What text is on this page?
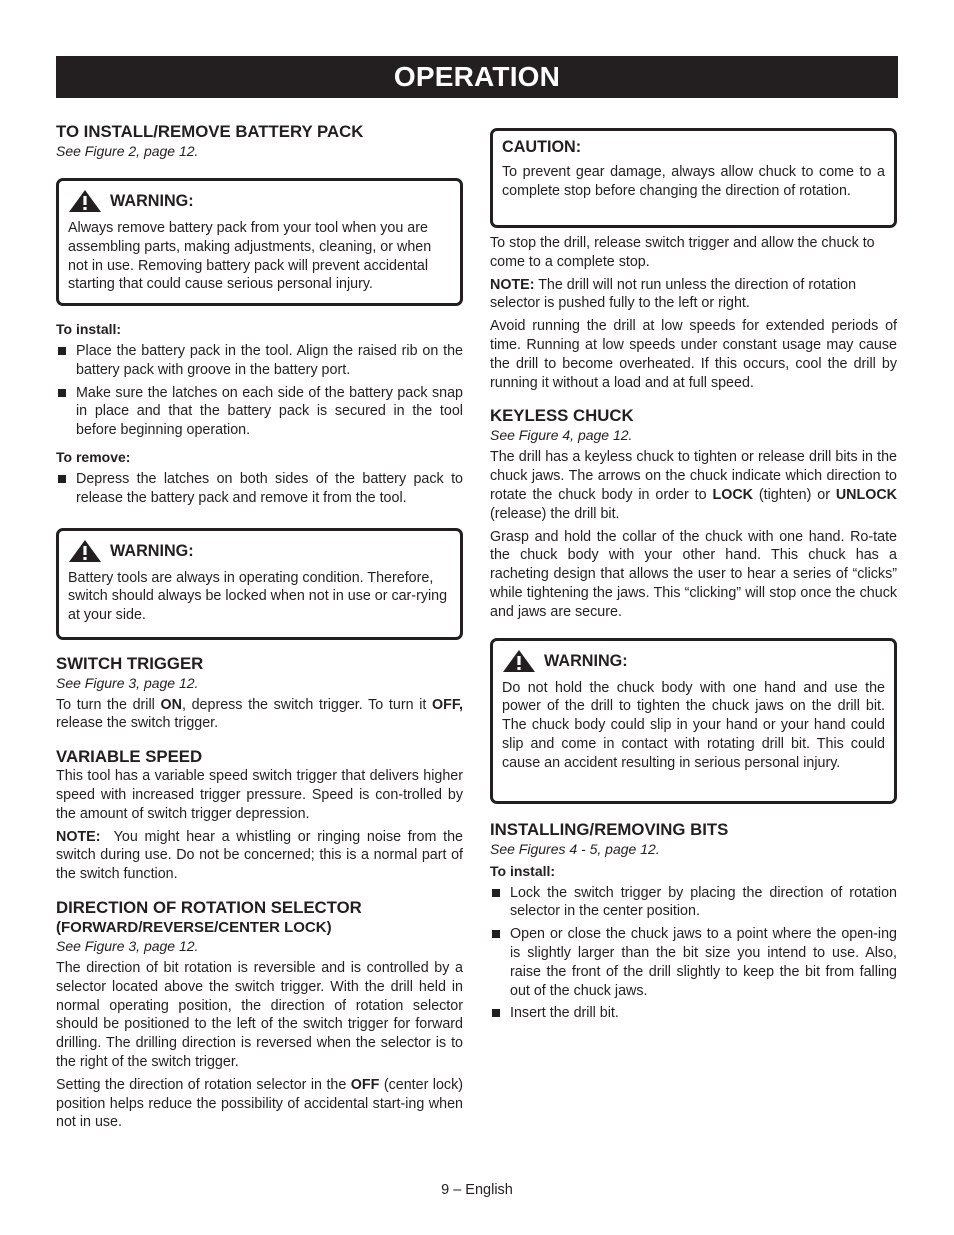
OPERATION
TO INSTALL/REMOVE BATTERY PACK
See Figure 2, page 12.
WARNING:

Always remove battery pack from your tool when you are assembling parts, making adjustments, cleaning, or when not in use. Removing battery pack will prevent accidental starting that could cause serious personal injury.

To install:
Place the battery pack in the tool. Align the raised rib on the battery pack with groove in the battery port.
Make sure the latches on each side of the battery pack snap in place and that the battery pack is secured in the tool before beginning operation.
To remove:
Depress the latches on both sides of the battery pack to release the battery pack and remove it from the tool.
WARNING:

Battery tools are always in operating condition. Therefore, switch should always be locked when not in use or car-rying at your side.

SWITCH TRIGGER
See Figure 3, page 12.

To turn the drill ON, depress the switch trigger. To turn it OFF, release the switch trigger.

VARIABLE SPEED

This tool has a variable speed switch trigger that delivers higher speed with increased trigger pressure. Speed is con-trolled by the amount of switch trigger depression.

NOTE:  You might hear a whistling or ringing noise from the switch during use. Do not be concerned; this is a normal part of the switch function.

DIRECTION OF ROTATION SELECTOR
(FORWARD/REVERSE/CENTER LOCK)
See Figure 3, page 12.

The direction of bit rotation is reversible and is controlled by a selector located above the switch trigger. With the drill held in normal operating position, the direction of rotation selector should be positioned to the left of the switch trigger for forward drilling. The drilling direction is reversed when the selector is to the right of the switch trigger.

Setting the direction of rotation selector in the OFF (center lock) position helps reduce the possibility of accidental start-ing when not in use.

CAUTION:

To prevent gear damage, always allow chuck to come to a complete stop before changing the direction of rotation.

To stop the drill, release switch trigger and allow the chuck to come to a complete stop.

NOTE: The drill will not run unless the direction of rotation selector is pushed fully to the left or right.

Avoid running the drill at low speeds for extended periods of time. Running at low speeds under constant usage may cause the drill to become overheated. If this occurs, cool the drill by running it without a load and at full speed.

KEYLESS CHUCK
See Figure 4, page 12.

The drill has a keyless chuck to tighten or release drill bits in the chuck jaws. The arrows on the chuck indicate which direction to rotate the chuck body in order to LOCK (tighten) or UNLOCK (release) the drill bit.

Grasp and hold the collar of the chuck with one hand. Ro-tate the chuck body with your other hand. This chuck has a racheting design that allows the user to hear a series of “clicks” while tightening the jaws. This “clicking” will stop once the chuck and jaws are secure.

WARNING:

Do not hold the chuck body with one hand and use the power of the drill to tighten the chuck jaws on the drill bit. The chuck body could slip in your hand or your hand could slip and come in contact with rotating drill bit. This could cause an accident resulting in serious personal injury.

INSTALLING/REMOVING BITS
See Figures 4 - 5, page 12.
To install:
Lock the switch trigger by placing the direction of rotation selector in the center position.
Open or close the chuck jaws to a point where the open-ing is slightly larger than the bit size you intend to use. Also, raise the front of the drill slightly to keep the bit from falling out of the chuck jaws.
Insert the drill bit.
9 – English
